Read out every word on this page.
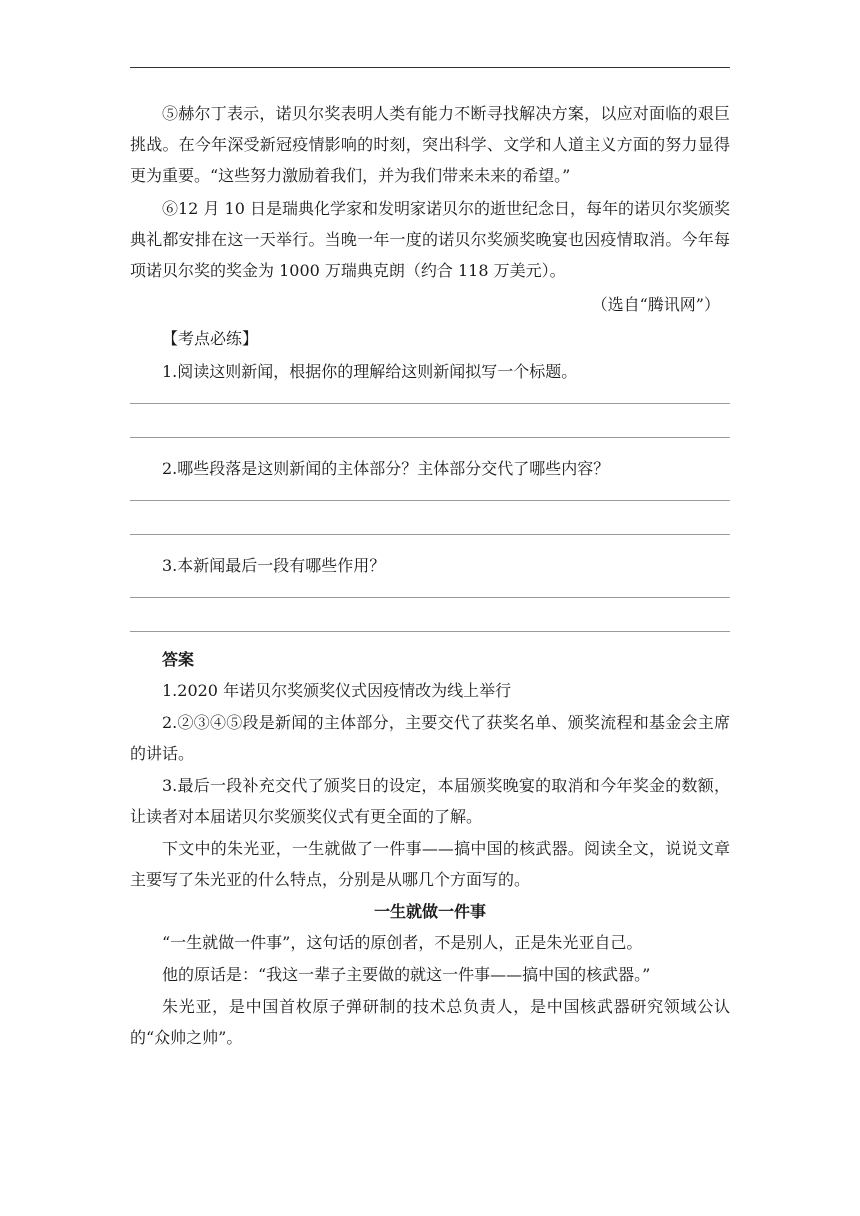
⑤赫尔丁表示，诺贝尔奖表明人类有能力不断寻找解决方案，以应对面临的艰巨挑战。在今年深受新冠疫情影响的时刻，突出科学、文学和人道主义方面的努力显得更为重要。“这些努力激励着我们，并为我们带来未来的希望。”

⑥12 月 10 日是瑞典化学家和发明家诺贝尔的逝世纪念日，每年的诺贝尔奖颁奖典礼都安排在这一天举行。当晚一年一度的诺贝尔奖颁奖晚宴也因疫情取消。今年每项诺贝尔奖的奖金为 1000 万瑞典克朗（约合 118 万美元）。

（选自“腾讯网”）

【考点必练】

1.阅读这则新闻，根据你的理解给这则新闻拟写一个标题。

2.哪些段落是这则新闻的主体部分？主体部分交代了哪些内容？

3.本新闻最后一段有哪些作用？

答案

1.2020 年诺贝尔奖颁奖仪式因疫情改为线上举行

2.②③④⑤段是新闻的主体部分，主要交代了获奖名单、颁奖流程和基金会主席的讲话。

3.最后一段补充交代了颁奖日的设定，本届颁奖晚宴的取消和今年奖金的数额，让读者对本届诺贝尔奖颁奖仪式有更全面的了解。

下文中的朱光亚，一生就做了一件事——搞中国的核武器。阅读全文，说说文章主要写了朱光亚的什么特点，分别是从哪几个方面写的。

一生就做一件事

“一生就做一件事”，这句话的原创者，不是别人，正是朱光亚自己。

他的原话是：“我这一辈子主要做的就这一件事——搞中国的核武器。”

朱光亚，是中国首枚原子弹研制的技术总负责人，是中国核武器研究领域公认的“众帅之帅”。
